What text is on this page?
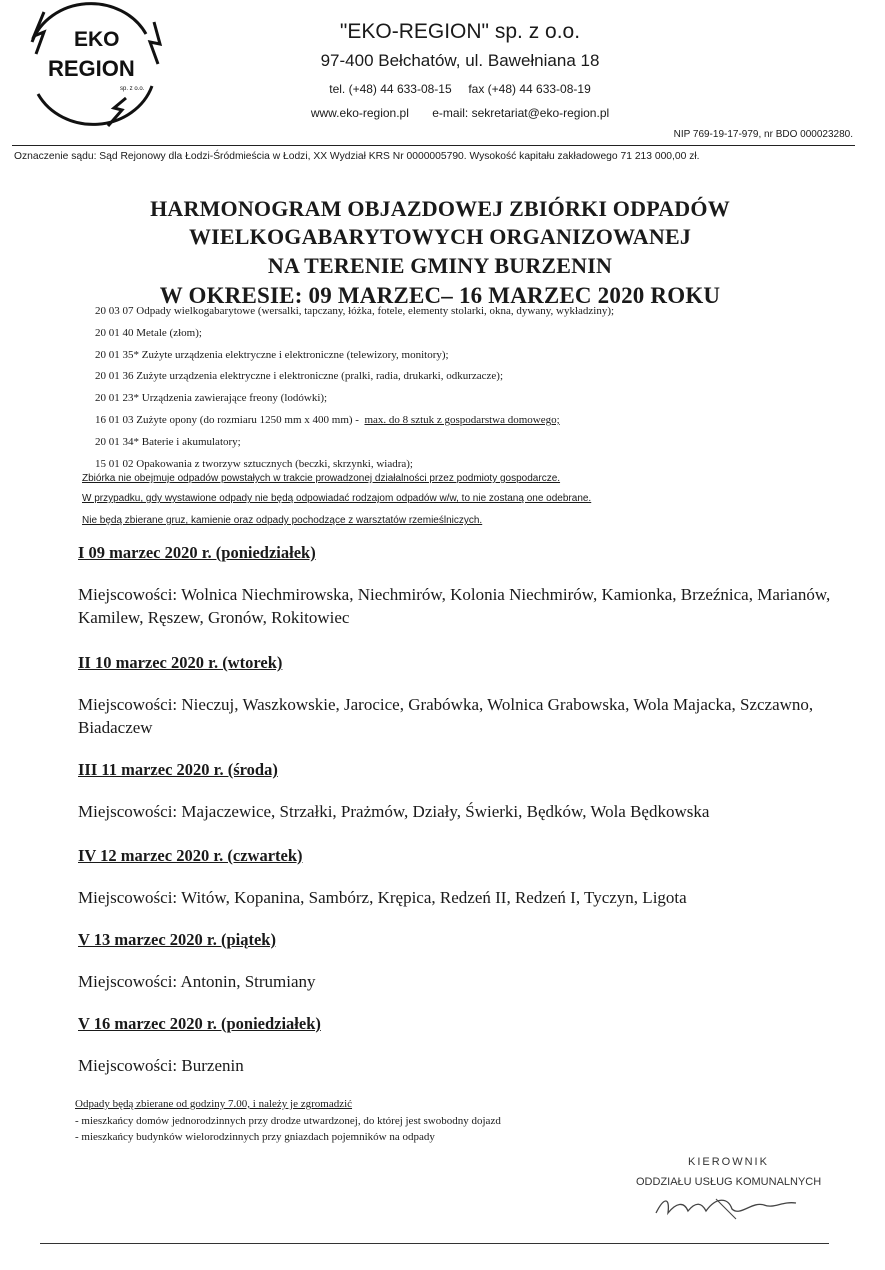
EKO
REGION
sp. z o.o.
"EKO-REGION" sp. z o.o.
97-400 Bełchatów, ul. Bawełniana 18
tel. (+48) 44 633-08-15 fax (+48) 44 633-08-19
www.eko-region.pl e-mail: sekretariat@eko-region.pl
NIP 769-19-17-979, nr BDO 000023280.
Oznaczenie sądu: Sąd Rejonowy dla Łodzi-Śródmieścia w Łodzi, XX Wydział KRS Nr 0000005790. Wysokość kapitału zakładowego 71 213 000,00 zł.
HARMONOGRAM OBJAZDOWEJ ZBIÓRKI ODPADÓW
WIELKOGABARYTOWYCH ORGANIZOWANEJ
NA TERENIE GMINY BURZENIN
W OKRESIE: 09 MARZEC– 16 MARZEC 2020 ROKU
20 03 07 Odpady wielkogabarytowe (wersalki, tapczany, łóżka, fotele, elementy stolarki, okna, dywany, wykładziny);
20 01 40 Metale (złom);
20 01 35* Zużyte urządzenia elektryczne i elektroniczne (telewizory, monitory);
20 01 36 Zużyte urządzenia elektryczne i elektroniczne (pralki, radia, drukarki, odkurzacze);
20 01 23* Urządzenia zawierające freony (lodówki);
16 01 03 Zużyte opony (do rozmiaru 1250 mm x 400 mm) - max. do 8 sztuk z gospodarstwa domowego;
20 01 34* Baterie i akumulatory;
15 01 02 Opakowania z tworzyw sztucznych (beczki, skrzynki, wiadra);
Zbiórka nie obejmuje odpadów powstałych w trakcie prowadzonej działalności przez podmioty gospodarcze.
W przypadku, gdy wystawione odpady nie będą odpowiadać rodzajom odpadów w/w, to nie zostaną one odebrane.
Nie będą zbierane gruz, kamienie oraz odpady pochodzące z warsztatów rzemieślniczych.
I 09 marzec 2020 r. (poniedziałek)
Miejscowości: Wolnica Niechmirowska, Niechmirów, Kolonia Niechmirów, Kamionka, Brzeźnica, Marianów, Kamilew, Ręszew, Gronów, Rokitowiec
II 10 marzec 2020 r. (wtorek)
Miejscowości: Nieczuj, Waszkowskie, Jarocice, Grabówka, Wolnica Grabowska, Wola Majacka, Szczawno, Biadaczew
III 11 marzec 2020 r. (środa)
Miejscowości: Majaczewice, Strzałki, Prażmów, Działy, Świerki, Będków, Wola Będkowska
IV 12 marzec 2020 r. (czwartek)
Miejscowości: Witów, Kopanina, Sambórz, Krępica, Redzeń II, Redzeń I, Tyczyn, Ligota
V 13 marzec 2020 r. (piątek)
Miejscowości: Antonin, Strumiany
V 16 marzec 2020 r. (poniedziałek)
Miejscowości: Burzenin
Odpady będą zbierane od godziny 7.00, i należy je zgromadzić
- mieszkańcy domów jednorodzinnych przy drodze utwardzonej, do której jest swobodny dojazd
- mieszkańcy budynków wielorodzinnych przy gniazdach pojemników na odpady
KIEROWNIK
ODDZIAŁU USŁUG KOMUNALNYCH
